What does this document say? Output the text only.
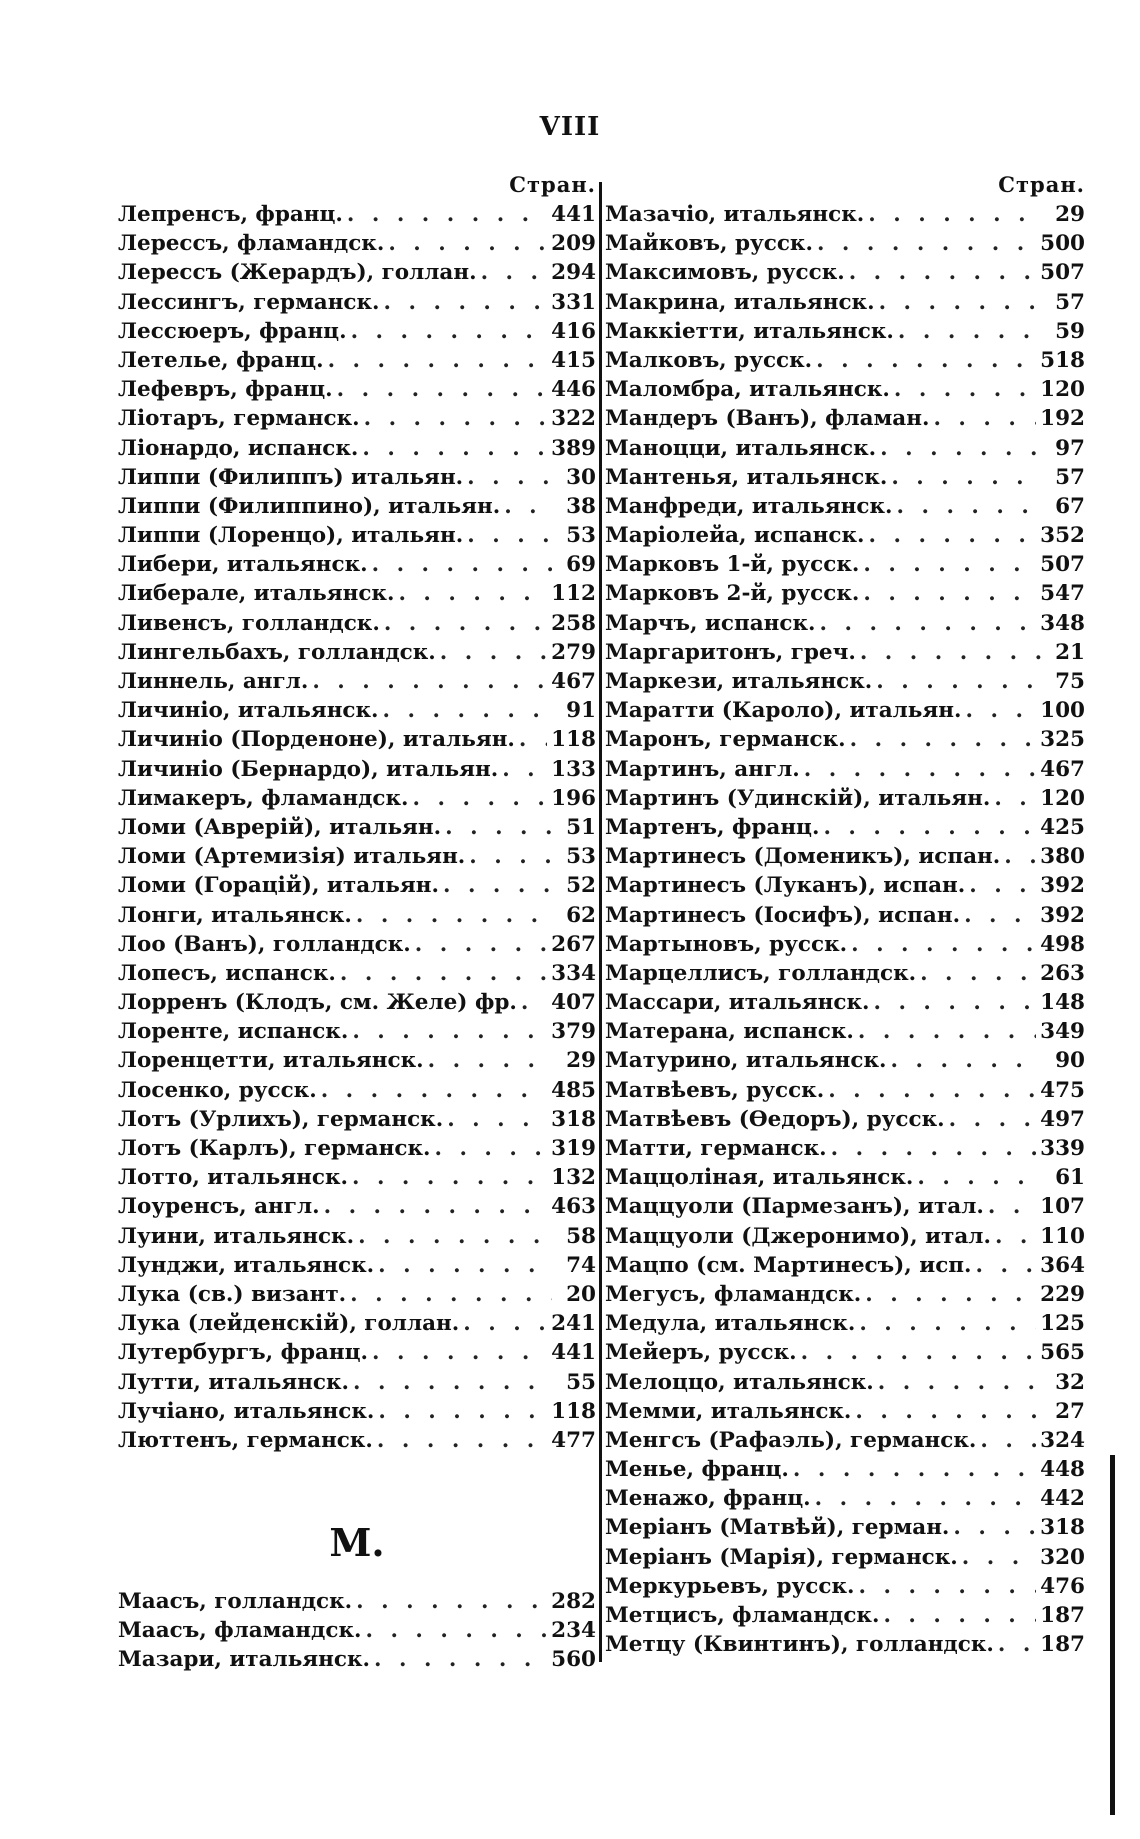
VIII
Стран.
Лепренсъ, франц. . . .	441
Лерессъ, фламандск. . . .	209
Лерессъ (Жерардъ), голлан. . . .	294
Лессингъ, германск. . . .	331
Лессюеръ, франц. . . .	416
Летелье, франц. . . .	415
Лефевръ, франц. . . .	446
Ліотаръ, германск. . . .	322
Ліонардо, испанск. . . .	389
Липпи (Филиппъ) итальян. . . .	30
Липпи (Филиппино), итальян. . . .	38
Липпи (Лоренцо), итальян. . . .	53
Либери, итальянск. . . .	69
Либерале, итальянск. . . .	112
Ливенсъ, голландск. . . .	258
Лингельбахъ, голландск. . . .	279
Линнель, англ. . . .	467
Личиніо, итальянск. . . .	91
Личиніо (Порденоне), итальян. . . . 118
Личиніо (Бернардо), итальян. . . . 133
Лимакеръ, фламандск. . . .	196
Ломи (Аврерій), итальян. . . .	51
Ломи (Артемизія) итальян. . . .	53
Ломи (Горацій), итальян. . . .	52
Лонги, итальянск. . . .	62
Лоо (Ванъ), голландск. . . .	267
Лопесъ, испанск. . . .	334
Лорренъ (Клодъ, см. Желе) фр. . . . 407
Лоренте, испанск. . . .	379
Лоренцетти, итальянск. . . .	29
Лосенко, русск. . . .	485
Лотъ (Урлихъ), германск. . . .	318
Лотъ (Карлъ), германск. . . .	319
Лотто, итальянск. . . .	132
Лоуренсъ, англ. . . .	463
Луини, итальянск. . . .	58
Лунджи, итальянск. . . .	74
Лука (св.) визант. . . .	20
Лука (лейденскій), голлан. . . .	241
Лутербургъ, франц. . . .	441
Лутти, итальянск. . . .	55
Лучіано, итальянск. . . .	118
Люттенъ, германск. . . .	477
М.
Маасъ, голландск. . . .	282
Маасъ, фламандск. . . .	234
Мазари, итальянск. . . .	560
Стран.
Мазачіо, итальянск. . . .	29
Майковъ, русск. . . .	500
Максимовъ, русск. . . .	507
Макрина, итальянск. . . .	57
Маккіетти, итальянск. . . .	59
Малковъ, русск. . . .	518
Маломбра, итальянск. . . .	120
Мандеръ (Ванъ), фламан. . . .	192
Маноцци, итальянск. . . .	97
Мантенья, итальянск. . . .	57
Манфреди, итальянск. . . .	67
Маріолейа, испанск. . . .	352
Марковъ 1-й, русск. . . .	507
Марковъ 2-й, русск. . . .	547
Марчъ, испанск. . . .	348
Маргаритонъ, греч. . . .	21
Маркези, итальянск. . . .	75
Маратти (Кароло), итальян. . . .	100
Маронъ, германск. . . .	325
Мартинъ, англ. . . .	467
Мартинъ (Удинскій), итальян. . . . 120
Мартенъ, франц. . . .	425
Мартинесъ (Доменикъ), испан. . . . 380
Мартинесъ (Луканъ), испан. . . .	392
Мартинесъ (Іосифъ), испан. . . .	392
Мартыновъ, русск. . . .	498
Марцеллисъ, голландск. . . .	263
Массари, итальянск. . . .	148
Матерана, испанск. . . .	349
Матурино, итальянск. . . .	90
Матвѣевъ, русск. . . .	475
Матвѣевъ (Өедоръ), русск. . . .	497
Матти, германск. . . .	339
Маццоліная, итальянск. . . .	61
Маццуоли (Пармезанъ), итал. . . .	107
Маццуоли (Джеронимо), итал. . . . 110
Мацпо (см. Мартинесъ), исп. . . .	364
Мегусъ, фламандск. . . .	229
Медула, итальянск. . . .	125
Мейеръ, русск. . . .	565
Мелоццо, итальянск. . . .	32
Мемми, итальянск. . . .	27
Менгсъ (Рафаэль), германск. . . .	324
Менье, франц. . . .	448
Менажо, франц. . . .	442
Меріанъ (Матвѣй), герман. . . .	318
Меріанъ (Марія), германск. . . .	320
Меркурьевъ, русск. . . .	476
Метцисъ, фламандск. . . .	187
Метцу (Квинтинъ), голландск. . . . 187
